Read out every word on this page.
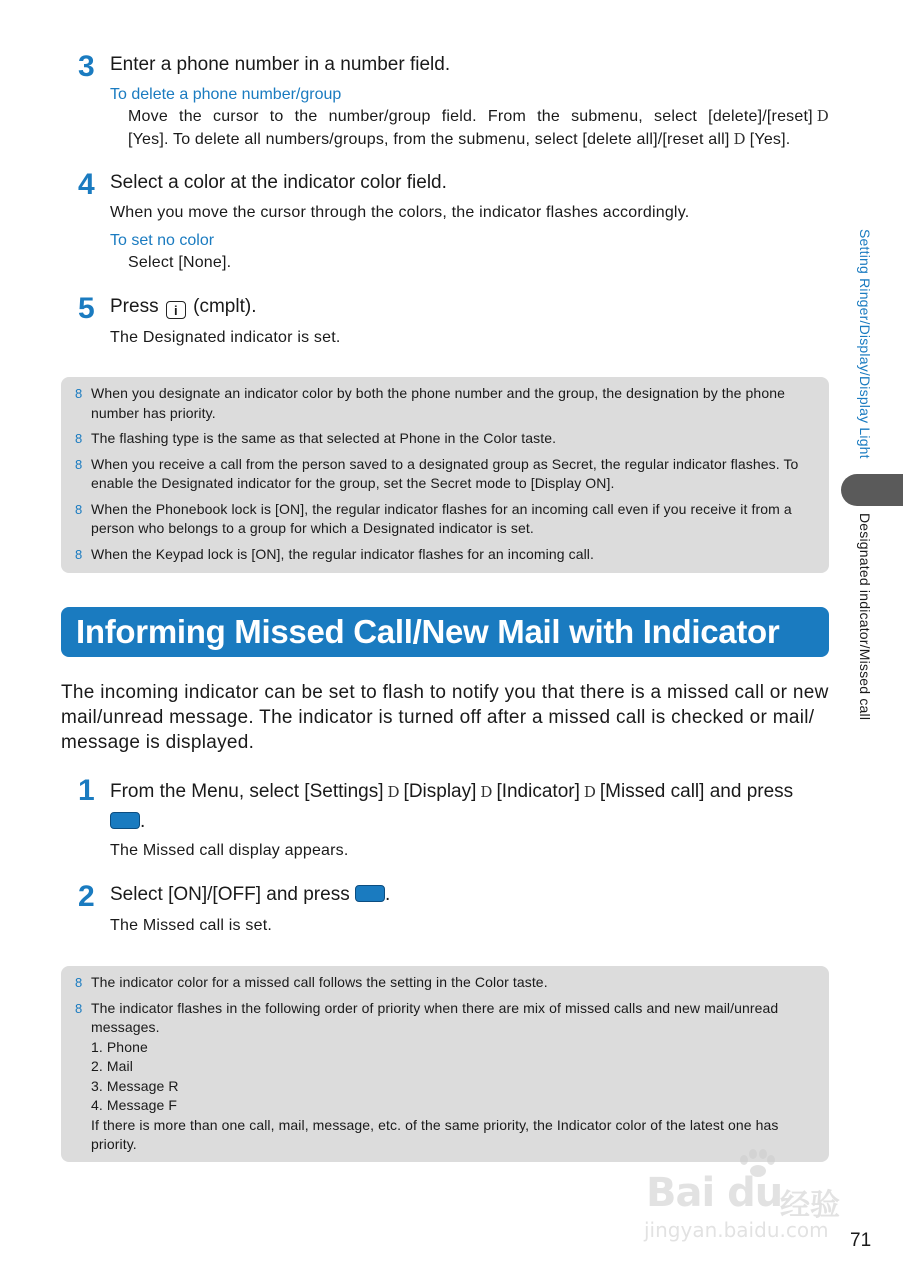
3 Enter a phone number in a number field.
To delete a phone number/group
Move the cursor to the number/group field. From the submenu, select [delete]/[reset] D
[Yes]. To delete all numbers/groups, from the submenu, select [delete all]/[reset all] D [Yes].
4 Select a color at the indicator color field.
When you move the cursor through the colors, the indicator flashes accordingly.
To set no color
Select [None].
5 Press i (cmplt).
The Designated indicator is set.
8 When you designate an indicator color by both the phone number and the group, the designation by the phone number has priority.
8 The flashing type is the same as that selected at Phone in the Color taste.
8 When you receive a call from the person saved to a designated group as Secret, the regular indicator flashes. To enable the Designated indicator for the group, set the Secret mode to [Display ON].
8 When the Phonebook lock is [ON], the regular indicator flashes for an incoming call even if you receive it from a person who belongs to a group for which a Designated indicator is set.
8 When the Keypad lock is [ON], the regular indicator flashes for an incoming call.
Informing Missed Call/New Mail with Indicator
The incoming indicator can be set to flash to notify you that there is a missed call or new mail/unread message. The indicator is turned off after a missed call is checked or mail/ message is displayed.
1 From the Menu, select [Settings] D [Display] D [Indicator] D [Missed call] and press
.
The Missed call display appears.
2 Select [ON]/[OFF] and press .
The Missed call is set.
8 The indicator color for a missed call follows the setting in the Color taste.
8 The indicator flashes in the following order of priority when there are mix of missed calls and new mail/unread messages.
1. Phone
2. Mail
3. Message R
4. Message F
If there is more than one call, mail, message, etc. of the same priority, the Indicator color of the latest one has priority.
Setting Ringer/Display/Display Light
Designated indicator/Missed call
Bai du
经验
jingyan.baidu.com 71
